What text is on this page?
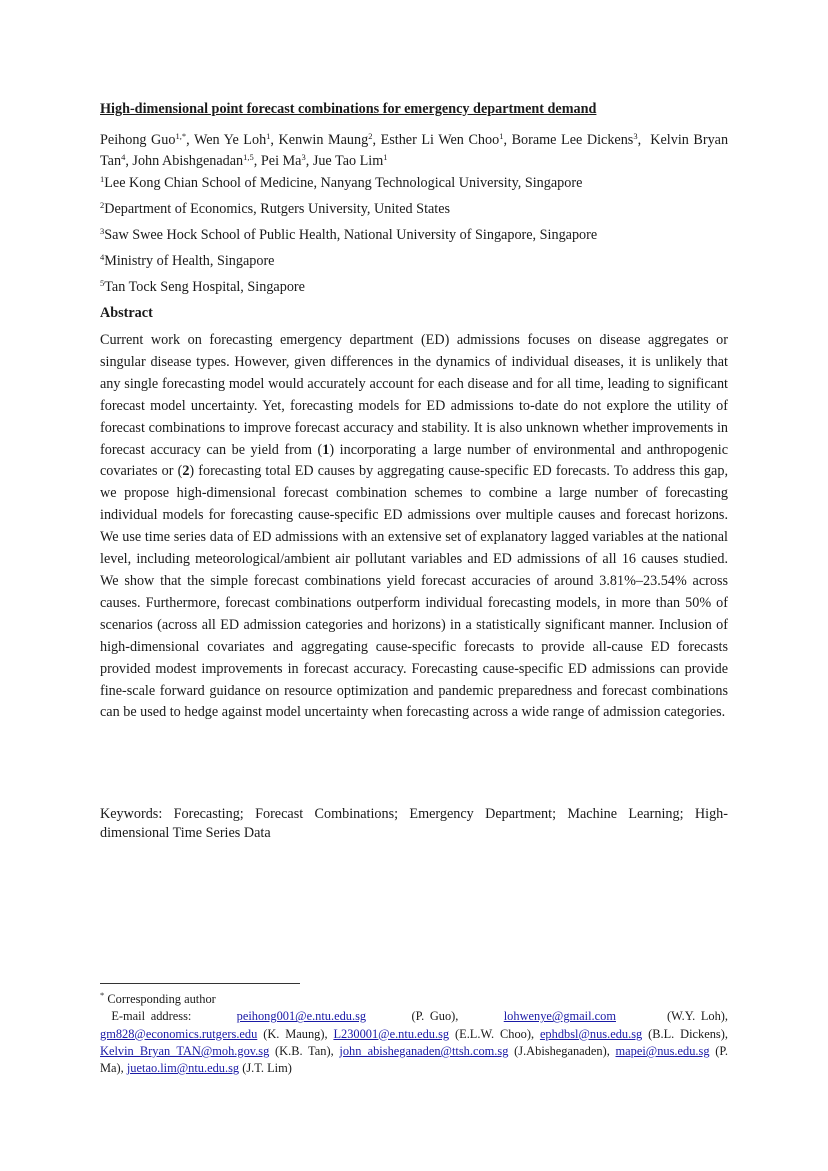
High-dimensional point forecast combinations for emergency department demand
Peihong Guo$^{1,*}$, Wen Ye Loh$^1$, Kenwin Maung$^2$, Esther Li Wen Choo$^1$, Borame Lee Dickens$^3$,  Kelvin Bryan Tan$^4$, John Abishgenadan$^{1,5}$, Pei Ma$^3$, Jue Tao Lim$^1$
$^1$Lee Kong Chian School of Medicine, Nanyang Technological University, Singapore
$^2$Department of Economics, Rutgers University, United States
$^3$Saw Swee Hock School of Public Health, National University of Singapore, Singapore
$^4$Ministry of Health, Singapore
$^5$Tan Tock Seng Hospital, Singapore
Abstract
Current work on forecasting emergency department (ED) admissions focuses on disease aggregates or singular disease types. However, given differences in the dynamics of individual diseases, it is unlikely that any single forecasting model would accurately account for each disease and for all time, leading to significant forecast model uncertainty. Yet, forecasting models for ED admissions to-date do not explore the utility of forecast combinations to improve forecast accuracy and stability. It is also unknown whether improvements in forecast accuracy can be yield from (1) incorporating a large number of environmental and anthropogenic covariates or (2) forecasting total ED causes by aggregating cause-specific ED forecasts. To address this gap, we propose high-dimensional forecast combination schemes to combine a large number of forecasting individual models for forecasting cause-specific ED admissions over multiple causes and forecast horizons. We use time series data of ED admissions with an extensive set of explanatory lagged variables at the national level, including meteorological/ambient air pollutant variables and ED admissions of all 16 causes studied. We show that the simple forecast combinations yield forecast accuracies of around 3.81%–23.54% across causes. Furthermore, forecast combinations outperform individual forecasting models, in more than 50% of scenarios (across all ED admission categories and horizons) in a statistically significant manner. Inclusion of high-dimensional covariates and aggregating cause-specific forecasts to provide all-cause ED forecasts provided modest improvements in forecast accuracy. Forecasting cause-specific ED admissions can provide fine-scale forward guidance on resource optimization and pandemic preparedness and forecast combinations can be used to hedge against model uncertainty when forecasting across a wide range of admission categories.
Keywords: Forecasting; Forecast Combinations; Emergency Department; Machine Learning; High-dimensional Time Series Data
* Corresponding author
E-mail address:	peihong001@e.ntu.edu.sg	(P. Guo),	lohwenye@gmail.com	(W.Y. Loh), gm828@economics.rutgers.edu (K. Maung), L230001@e.ntu.edu.sg (E.L.W. Choo), ephdbsl@nus.edu.sg (B.L. Dickens), Kelvin_Bryan_TAN@moh.gov.sg (K.B. Tan), john_abisheganaden@ttsh.com.sg (J.Abisheganaden), mapei@nus.edu.sg (P. Ma), juetao.lim@ntu.edu.sg (J.T. Lim)
